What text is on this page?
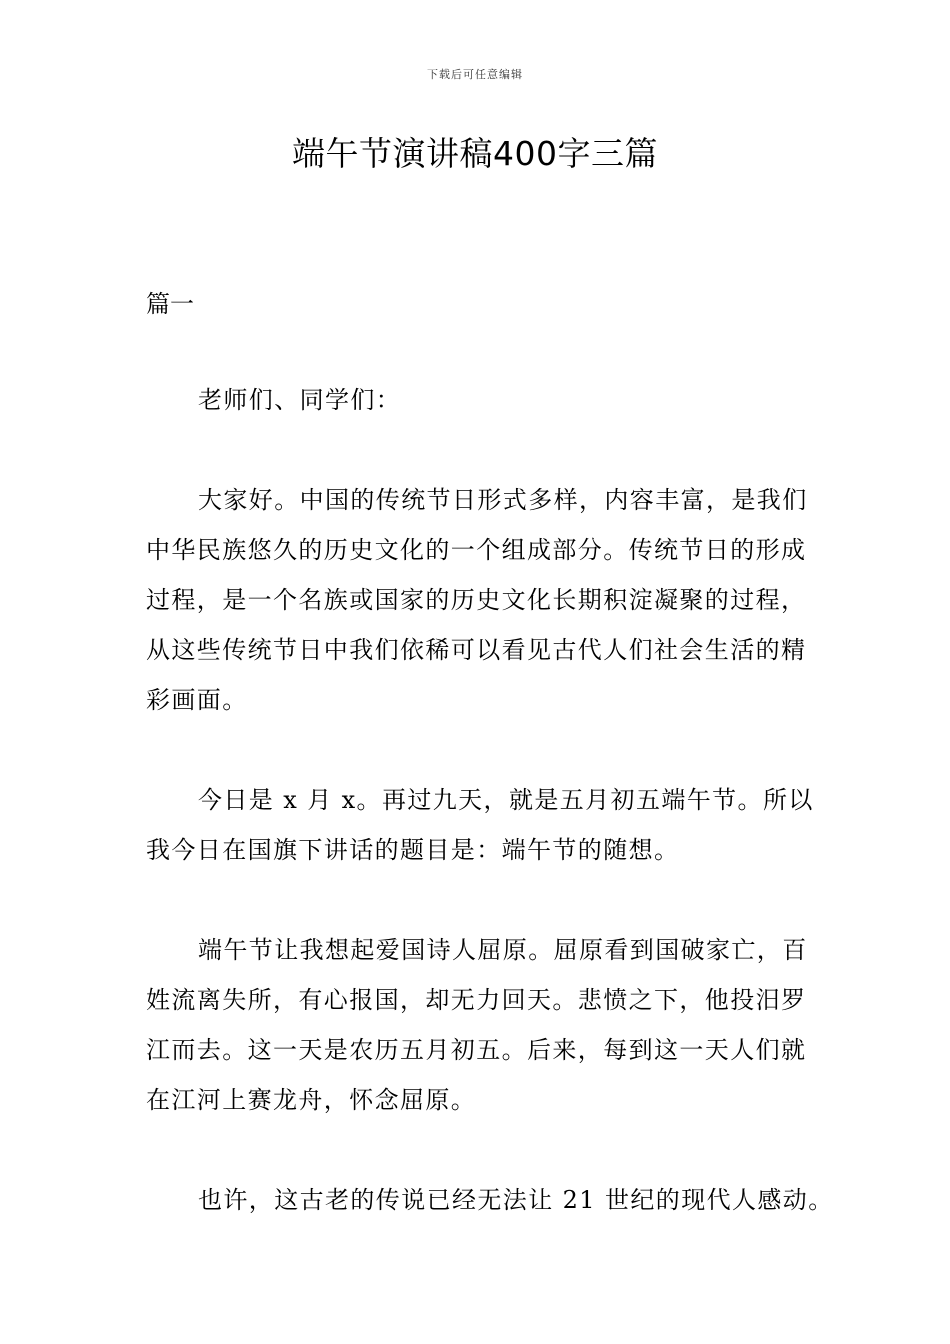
下载后可任意编辑
端午节演讲稿400字三篇

篇一

老师们、同学们：

大家好。中国的传统节日形式多样，内容丰富，是我们中华民族悠久的历史文化的一个组成部分。传统节日的形成过程，是一个名族或国家的历史文化长期积淀凝聚的过程，从这些传统节日中我们依稀可以看见古代人们社会生活的精彩画面。

今日是 x 月 x。再过九天，就是五月初五端午节。所以我今日在国旗下讲话的题目是：端午节的随想。

端午节让我想起爱国诗人屈原。屈原看到国破家亡，百姓流离失所，有心报国，却无力回天。悲愤之下，他投汨罗江而去。这一天是农历五月初五。后来，每到这一天人们就在江河上赛龙舟，怀念屈原。

也许，这古老的传说已经无法让 21 世纪的现代人感动。
